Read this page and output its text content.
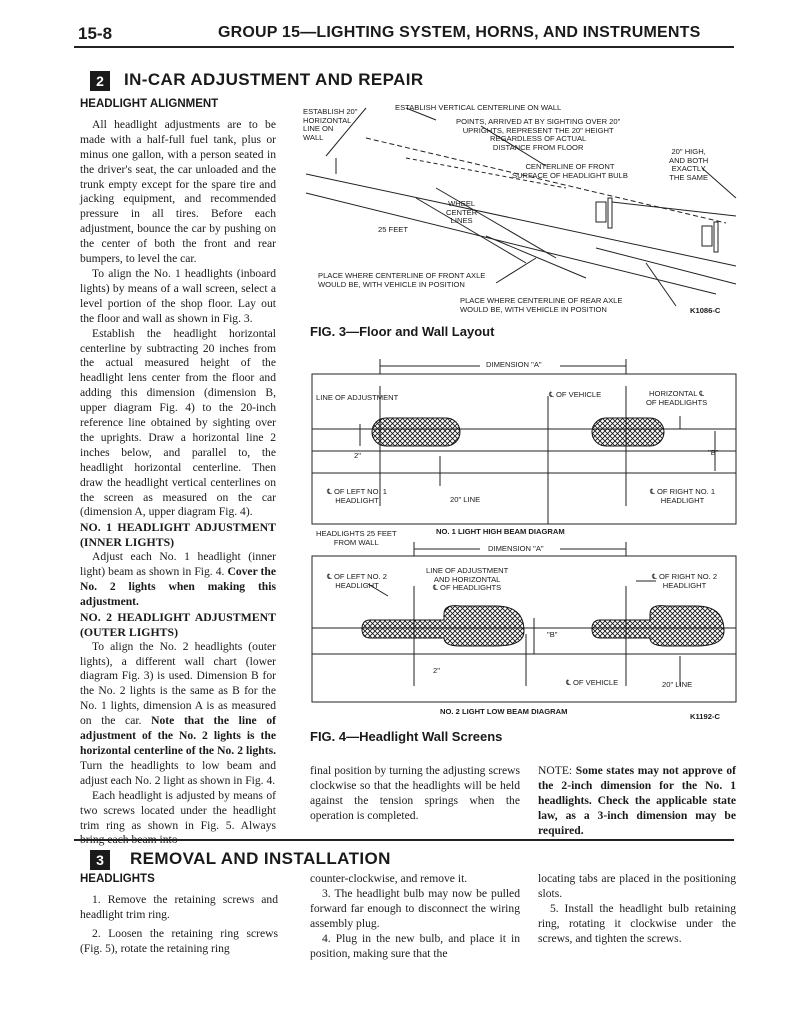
15-8	GROUP 15—LIGHTING SYSTEM, HORNS, AND INSTRUMENTS
2	IN-CAR ADJUSTMENT AND REPAIR
HEADLIGHT ALIGNMENT

All headlight adjustments are to be made with a half-full fuel tank, plus or minus one gallon, with a person seated in the driver's seat, the car unloaded and the trunk empty except for the spare tire and jacking equipment, and recommended pressure in all tires. Before each adjustment, bounce the car by pushing on the center of both the front and rear bumpers, to level the car.

To align the No. 1 headlights (inboard lights) by means of a wall screen, select a level portion of the shop floor. Lay out the floor and wall as shown in Fig. 3.

Establish the headlight horizontal centerline by subtracting 20 inches from the actual measured height of the headlight lens center from the floor and adding this dimension (dimension B, upper diagram Fig. 4) to the 20-inch reference line obtained by sighting over the uprights. Draw a horizontal line 2 inches below, and parallel to, the headlight horizontal centerline. Then draw the headlight vertical centerlines on the screen as measured on the car (dimension A, upper diagram Fig. 4).

NO. 1 HEADLIGHT ADJUSTMENT (INNER LIGHTS)

Adjust each No. 1 headlight (inner light) beam as shown in Fig. 4. Cover the No. 2 lights when making this adjustment.

NO. 2 HEADLIGHT ADJUSTMENT (OUTER LIGHTS)

To align the No. 2 headlights (outer lights), a different wall chart (lower diagram Fig. 3) is used. Dimension B for the No. 2 lights is the same as B for the No. 1 lights, dimension A is as measured on the car. Note that the line of adjustment of the No. 2 lights is the horizontal centerline of the No. 2 lights. Turn the headlights to low beam and adjust each No. 2 light as shown in Fig. 4.

Each headlight is adjusted by means of two screws located under the headlight trim ring as shown in Fig. 5. Always

ESTABLISH 20"
HORIZONTAL
LINE ON
WALL
ESTABLISH VERTICAL CENTERLINE ON WALL
POINTS, ARRIVED AT BY SIGHTING OVER 20"
UPRIGHTS, REPRESENT THE 20" HEIGHT
REGARDLESS OF ACTUAL
DISTANCE FROM FLOOR	20" HIGH,
AND BOTH
EXACTLY
THE SAME
CENTERLINE OF FRONT
SURFACE OF HEADLIGHT BULB
WHEEL
CENTER
LINES
25 FEET
PLACE WHERE CENTERLINE OF FRONT AXLE
WOULD BE, WITH VEHICLE IN POSITION
PLACE WHERE CENTERLINE OF REAR AXLE
WOULD BE, WITH VEHICLE IN POSITION	K1086-C
FIG. 3—Floor and Wall Layout
DIMENSION "A"
LINE OF ADJUSTMENT	℄ OF VEHICLE	HORIZONTAL ℄
OF HEADLIGHTS
2"	"B"
℄ OF LEFT NO. 1
HEADLIGHT	20" LINE
℄ OF RIGHT NO. 1
HEADLIGHT
NO. 1 LIGHT HIGH BEAM DIAGRAM
HEADLIGHTS 25 FEET
FROM WALL
DIMENSION "A"
℄ OF LEFT NO. 2
HEADLIGHT
LINE OF ADJUSTMENT
AND HORIZONTAL
℄ OF HEADLIGHTS
℄ OF RIGHT NO. 2
HEADLIGHT
"B"
2"
℄ OF VEHICLE	20" LINE
NO. 2 LIGHT LOW BEAM DIAGRAM
K1192-C
FIG. 4—Headlight Wall Screens

final position by turning the adjusting screws clockwise so that the headlights will be held against the tension springs when the operation is completed.

NOTE: Some states may not approve of the 2-inch dimension for the No. 1 headlights. Check the applicable state law, as a 3-inch dimension may be required.

3	REMOVAL AND INSTALLATION
HEADLIGHTS

1. Remove the retaining screws and headlight trim ring.

2. Loosen the retaining ring screws (Fig. 5), rotate the retaining ring

counter-clockwise, and remove it.

3. The headlight bulb may now be pulled forward far enough to disconnect the wiring assembly plug.

4. Plug in the new bulb, and place it in position, making sure that the

locating tabs are placed in the positioning slots.

5. Install the headlight bulb retaining ring, rotating it clockwise under the screws, and tighten the screws.
